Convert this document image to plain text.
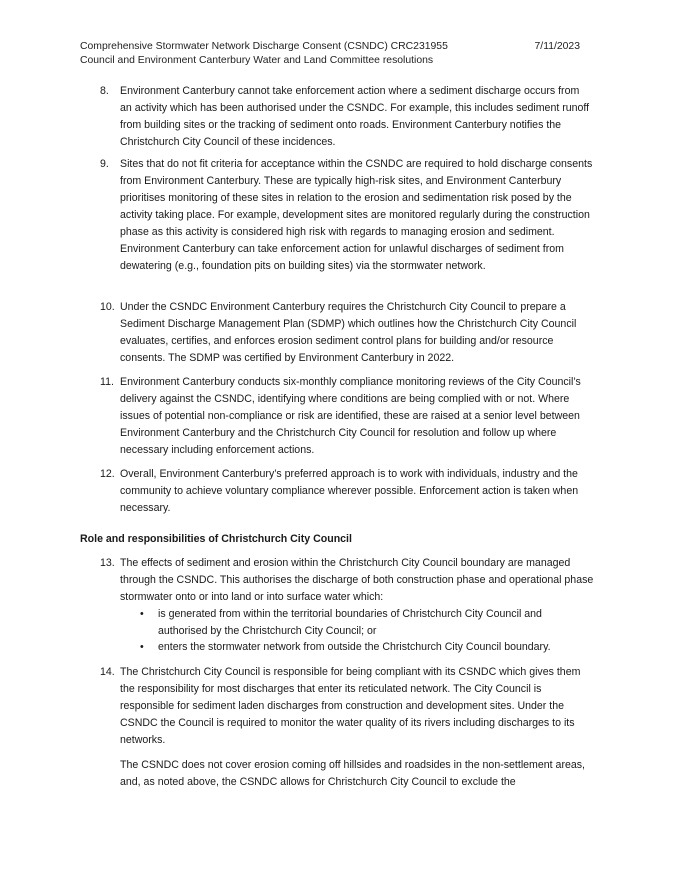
Comprehensive Stormwater Network Discharge Consent (CSNDC) CRC231955	7/11/2023
Council and Environment Canterbury Water and Land Committee resolutions
8. Environment Canterbury cannot take enforcement action where a sediment discharge occurs from an activity which has been authorised under the CSNDC. For example, this includes sediment runoff from building sites or the tracking of sediment onto roads. Environment Canterbury notifies the Christchurch City Council of these incidences.
9. Sites that do not fit criteria for acceptance within the CSNDC are required to hold discharge consents from Environment Canterbury. These are typically high-risk sites, and Environment Canterbury prioritises monitoring of these sites in relation to the erosion and sedimentation risk posed by the activity taking place. For example, development sites are monitored regularly during the construction phase as this activity is considered high risk with regards to managing erosion and sediment. Environment Canterbury can take enforcement action for unlawful discharges of sediment from dewatering (e.g., foundation pits on building sites) via the stormwater network.
10. Under the CSNDC Environment Canterbury requires the Christchurch City Council to prepare a Sediment Discharge Management Plan (SDMP) which outlines how the Christchurch City Council evaluates, certifies, and enforces erosion sediment control plans for building and/or resource consents. The SDMP was certified by Environment Canterbury in 2022.
11. Environment Canterbury conducts six-monthly compliance monitoring reviews of the City Council’s delivery against the CSNDC, identifying where conditions are being complied with or not. Where issues of potential non-compliance or risk are identified, these are raised at a senior level between Environment Canterbury and the Christchurch City Council for resolution and follow up where necessary including enforcement actions.
12. Overall, Environment Canterbury’s preferred approach is to work with individuals, industry and the community to achieve voluntary compliance wherever possible. Enforcement action is taken when necessary.
Role and responsibilities of Christchurch City Council
13. The effects of sediment and erosion within the Christchurch City Council boundary are managed through the CSNDC. This authorises the discharge of both construction phase and operational phase stormwater onto or into land or into surface water which:
• is generated from within the territorial boundaries of Christchurch City Council and authorised by the Christchurch City Council; or
• enters the stormwater network from outside the Christchurch City Council boundary.
14. The Christchurch City Council is responsible for being compliant with its CSNDC which gives them the responsibility for most discharges that enter its reticulated network. The City Council is responsible for sediment laden discharges from construction and development sites. Under the CSNDC the Council is required to monitor the water quality of its rivers including discharges to its networks.
The CSNDC does not cover erosion coming off hillsides and roadsides in the non-settlement areas, and, as noted above, the CSNDC allows for Christchurch City Council to exclude the
